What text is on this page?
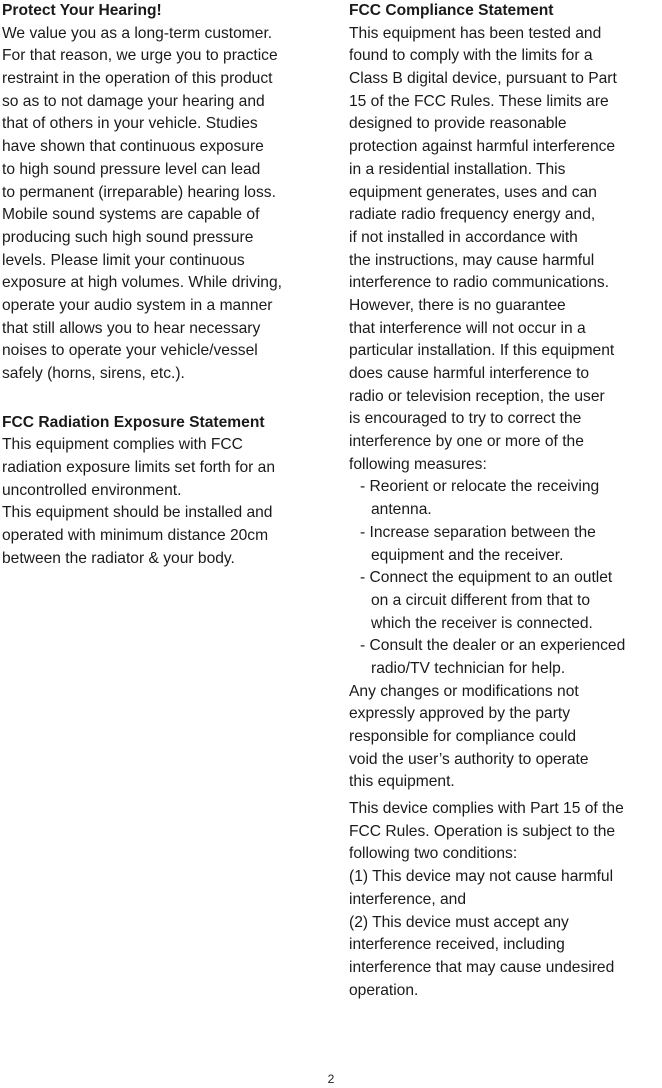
Protect Your Hearing!
We value you as a long-term customer.
For that reason, we urge you to practice
restraint in the operation of this product
so as to not damage your hearing and
that of others in your vehicle. Studies
have shown that continuous exposure
to high sound pressure level can lead
to permanent (irreparable) hearing loss.
Mobile sound systems are capable of
producing such high sound pressure
levels. Please limit your continuous
exposure at high volumes. While driving,
operate your audio system in a manner
that still allows you to hear necessary
noises to operate your vehicle/vessel
safely (horns, sirens, etc.).
FCC Radiation Exposure Statement
This equipment complies with FCC
radiation exposure limits set forth for an
uncontrolled environment.
This equipment should be installed and
operated with minimum distance 20cm
between the radiator & your body.
FCC Compliance Statement
This equipment has been tested and
found to comply with the limits for a
Class B digital device, pursuant to Part
15 of the FCC Rules. These limits are
designed to provide reasonable
protection against harmful interference
in a residential installation. This
equipment generates, uses and can
radiate radio frequency energy and,
if not installed in accordance with
the instructions, may cause harmful
interference to radio communications.
However, there is no guarantee
that interference will not occur in a
particular installation. If this equipment
does cause harmful interference to
radio or television reception, the user
is encouraged to try to correct the
interference by one or more of the
following measures:
- Reorient or relocate the receiving
antenna.
- Increase separation between the
equipment and the receiver.
- Connect the equipment to an outlet
on a circuit different from that to
which the receiver is connected.
- Consult the dealer or an experienced
radio/TV technician for help.
Any changes or modifications not
expressly approved by the party
responsible for compliance could
void the user’s authority to operate
this equipment.
This device complies with Part 15 of the
FCC Rules. Operation is subject to the
following two conditions:
(1) This device may not cause harmful
interference, and
(2) This device must accept any
interference received, including
interference that may cause undesired
operation.
2
